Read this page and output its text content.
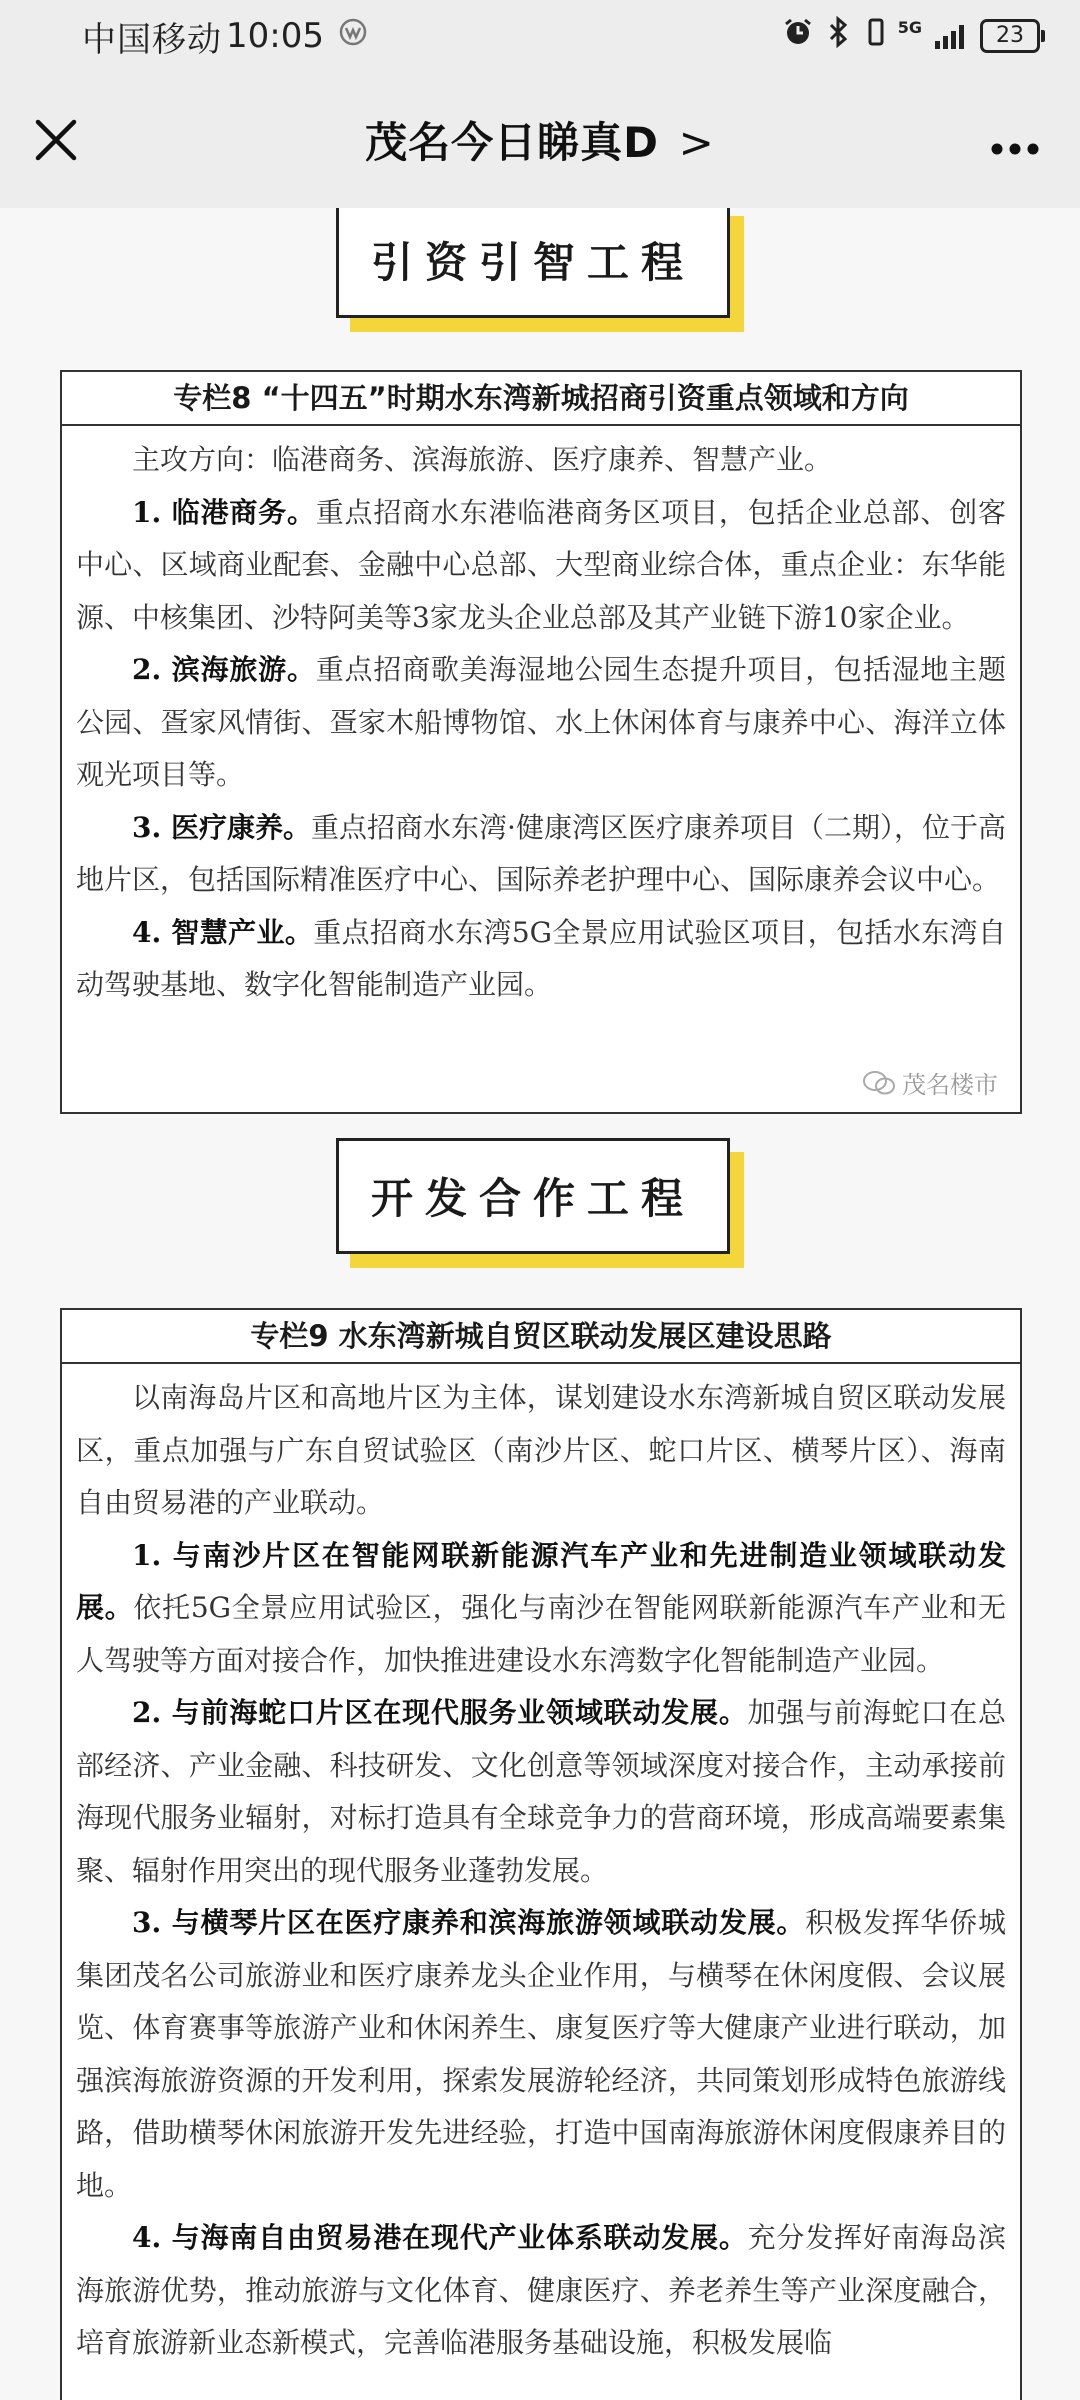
中国移动 10:05	5G	23
茂名今日睇真D >
引资引智工程
专栏8 “十四五”时期水东湾新城招商引资重点领域和方向

主攻方向：临港商务、滨海旅游、医疗康养、智慧产业。

1. 临港商务。重点招商水东港临港商务区项目，包括企业总部、创客中心、区域商业配套、金融中心总部、大型商业综合体，重点企业：东华能源、中核集团、沙特阿美等3家龙头企业总部及其产业链下游10家企业。

2. 滨海旅游。重点招商歌美海湿地公园生态提升项目，包括湿地主题公园、疍家风情街、疍家木船博物馆、水上休闲体育与康养中心、海洋立体观光项目等。

3. 医疗康养。重点招商水东湾·健康湾区医疗康养项目（二期），位于高地片区，包括国际精准医疗中心、国际养老护理中心、国际康养会议中心。

4. 智慧产业。重点招商水东湾5G全景应用试验区项目，包括水东湾自动驾驶基地、数字化智能制造产业园。

茂名楼市
开发合作工程
专栏9 水东湾新城自贸区联动发展区建设思路

以南海岛片区和高地片区为主体，谋划建设水东湾新城自贸区联动发展区，重点加强与广东自贸试验区（南沙片区、蛇口片区、横琴片区）、海南自由贸易港的产业联动。

1. 与南沙片区在智能网联新能源汽车产业和先进制造业领域联动发展。依托5G全景应用试验区，强化与南沙在智能网联新能源汽车产业和无人驾驶等方面对接合作，加快推进建设水东湾数字化智能制造产业园。

2. 与前海蛇口片区在现代服务业领域联动发展。加强与前海蛇口在总部经济、产业金融、科技研发、文化创意等领域深度对接合作，主动承接前海现代服务业辐射，对标打造具有全球竞争力的营商环境，形成高端要素集聚、辐射作用突出的现代服务业蓬勃发展。

3. 与横琴片区在医疗康养和滨海旅游领域联动发展。积极发挥华侨城集团茂名公司旅游业和医疗康养龙头企业作用，与横琴在休闲度假、会议展览、体育赛事等旅游产业和休闲养生、康复医疗等大健康产业进行联动，加强滨海旅游资源的开发利用，探索发展游轮经济，共同策划形成特色旅游线路，借助横琴休闲旅游开发先进经验，打造中国南海旅游休闲度假康养目的地。

4. 与海南自由贸易港在现代产业体系联动发展。充分发挥好南海岛滨海旅游优势，推动旅游与文化体育、健康医疗、养老养生等产业深度融合，培育旅游新业态新模式，完善临港服务基础设施，积极发展临
